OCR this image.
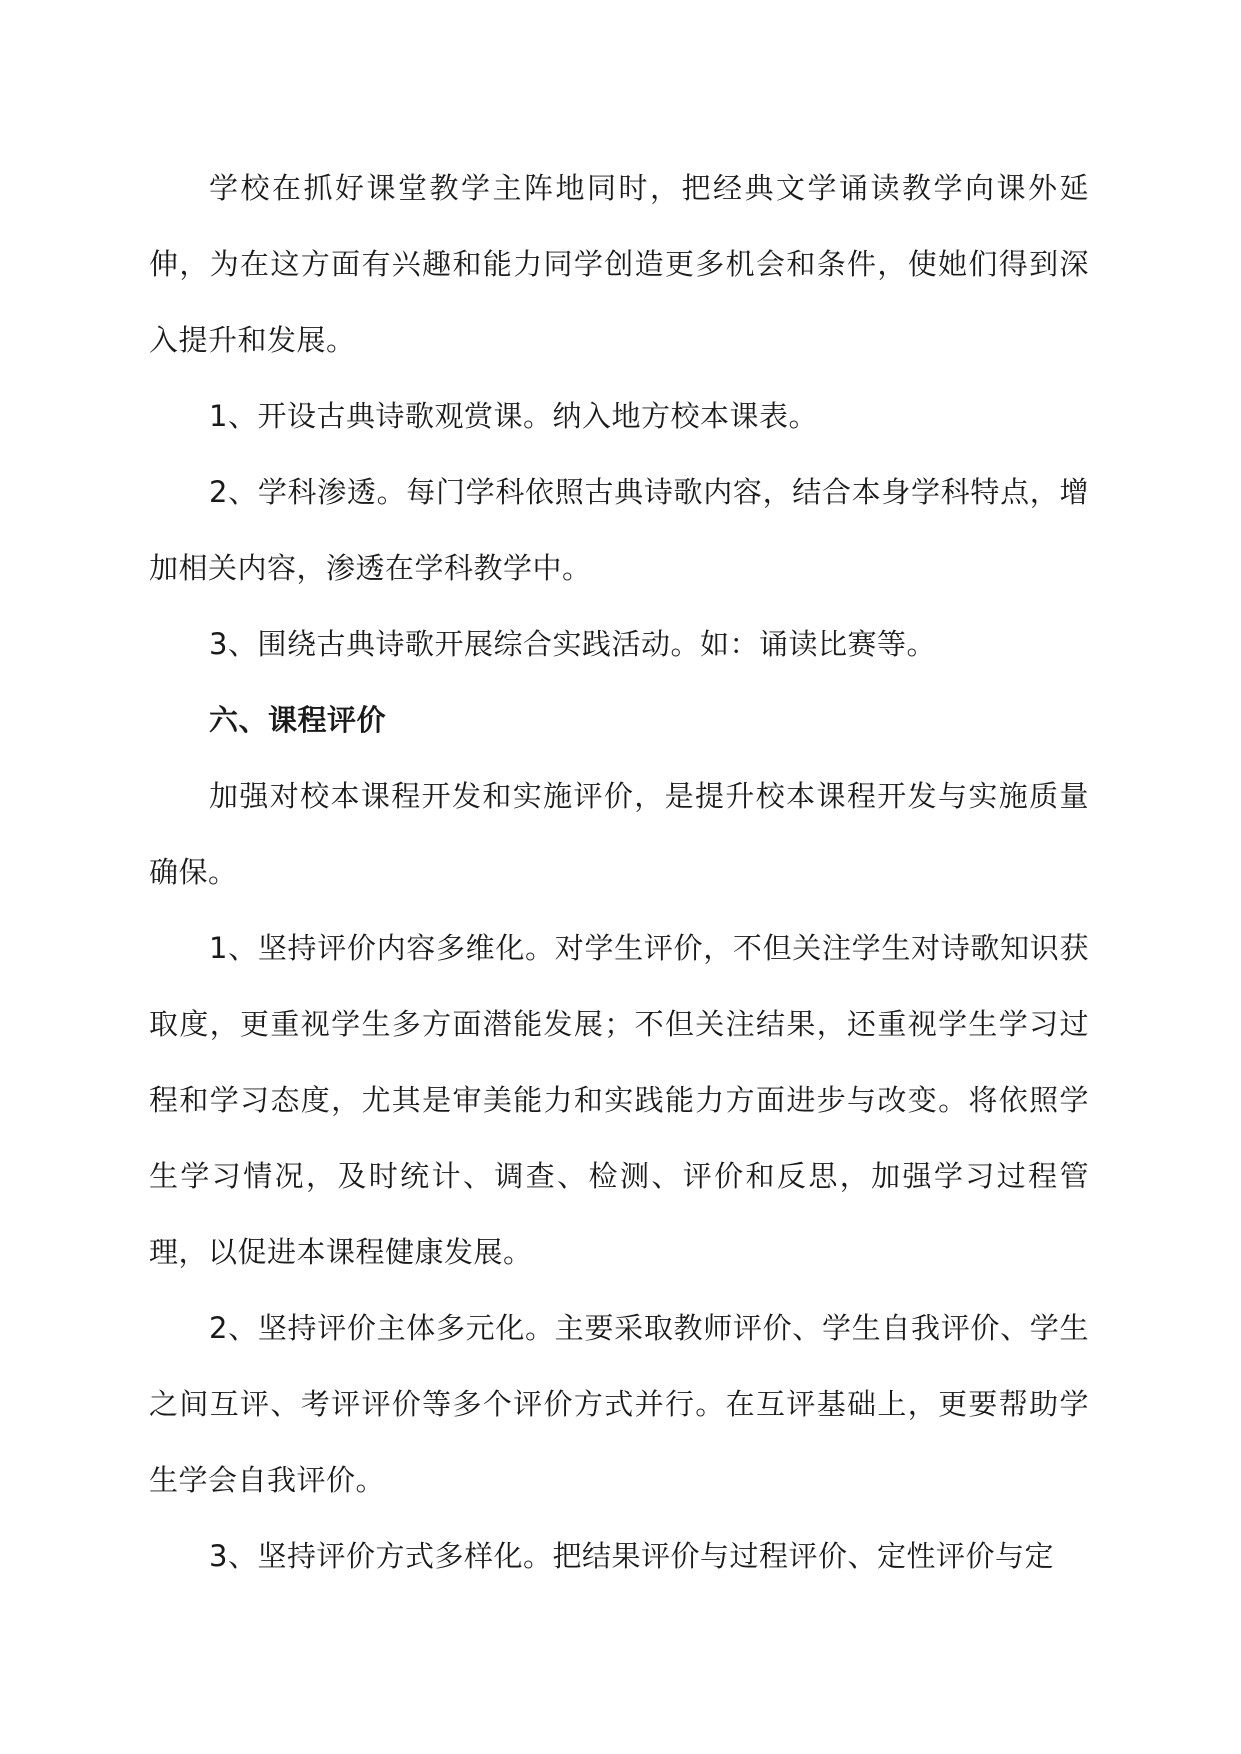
学校在抓好课堂教学主阵地同时，把经典文学诵读教学向课外延伸，为在这方面有兴趣和能力同学创造更多机会和条件，使她们得到深入提升和发展。

1、开设古典诗歌观赏课。纳入地方校本课表。

2、学科渗透。每门学科依照古典诗歌内容，结合本身学科特点，增加相关内容，渗透在学科教学中。

3、围绕古典诗歌开展综合实践活动。如：诵读比赛等。

六、课程评价

加强对校本课程开发和实施评价，是提升校本课程开发与实施质量确保。

1、坚持评价内容多维化。对学生评价，不但关注学生对诗歌知识获取度，更重视学生多方面潜能发展；不但关注结果，还重视学生学习过程和学习态度，尤其是审美能力和实践能力方面进步与改变。将依照学生学习情况，及时统计、调查、检测、评价和反思，加强学习过程管理，以促进本课程健康发展。

2、坚持评价主体多元化。主要采取教师评价、学生自我评价、学生之间互评、考评评价等多个评价方式并行。在互评基础上，更要帮助学生学会自我评价。

3、坚持评价方式多样化。把结果评价与过程评价、定性评价与定
